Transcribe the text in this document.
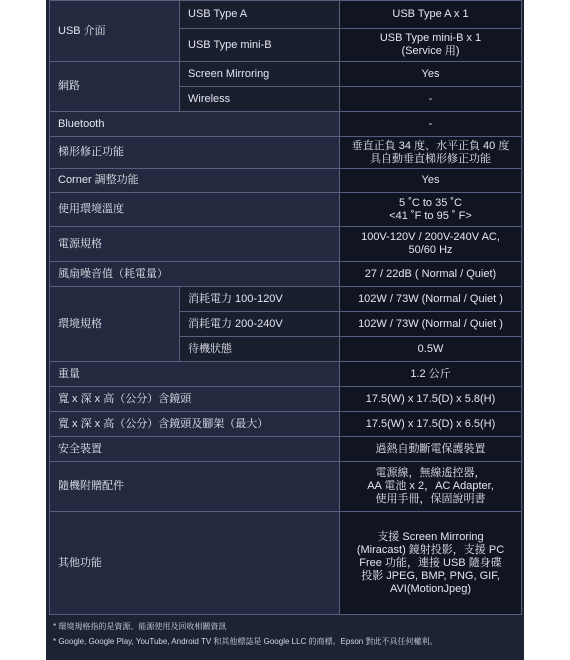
USB 介面	USB Type A	USB Type A x 1
	USB Type mini-B	USB Type mini-B x 1
(Service 用)
網路	Screen Mirroring	Yes
	Wireless	-
Bluetooth		-
梯形修正功能		垂直正負 34 度、水平正負 40 度
具自動垂直梯形修正功能
Corner 調整功能		Yes
使用環境溫度		5 ˚C to 35 ˚C
<41 ˚F to 95 ˚ F>
電源規格		100V-120V / 200V-240V AC,
50/60 Hz
風扇噪音值（耗電量）		27 / 22dB ( Normal / Quiet)
環境規格	消耗電力 100-120V	102W / 73W (Normal / Quiet )
	消耗電力 200-240V	102W / 73W (Normal / Quiet )
	待機狀態	0.5W
重量		1.2 公斤
寬 x 深 x 高（公分）含鏡頭		17.5(W) x 17.5(D) x 5.8(H)
寬 x 深 x 高（公分）含鏡頭及腳架（最大）		17.5(W) x 17.5(D) x 6.5(H)
安全裝置		過熱自動斷電保護裝置
隨機附贈配件		電源線，無線遙控器，
AA 電池 x 2，AC Adapter,
使用手冊，保固說明書
其他功能		支援 Screen Mirroring
(Miracast) 鏡射投影，支援 PC
Free 功能，連接 USB 隨身碟
投影 JPEG, BMP, PNG, GIF,
AVI(MotionJpeg)
* 環境規格指的是資源、能源使用及回收相關資訊
* Google, Google Play, YouTube, Android TV 和其他標誌是 Google LLC 的商標。Epson 對此不具任何權利。
